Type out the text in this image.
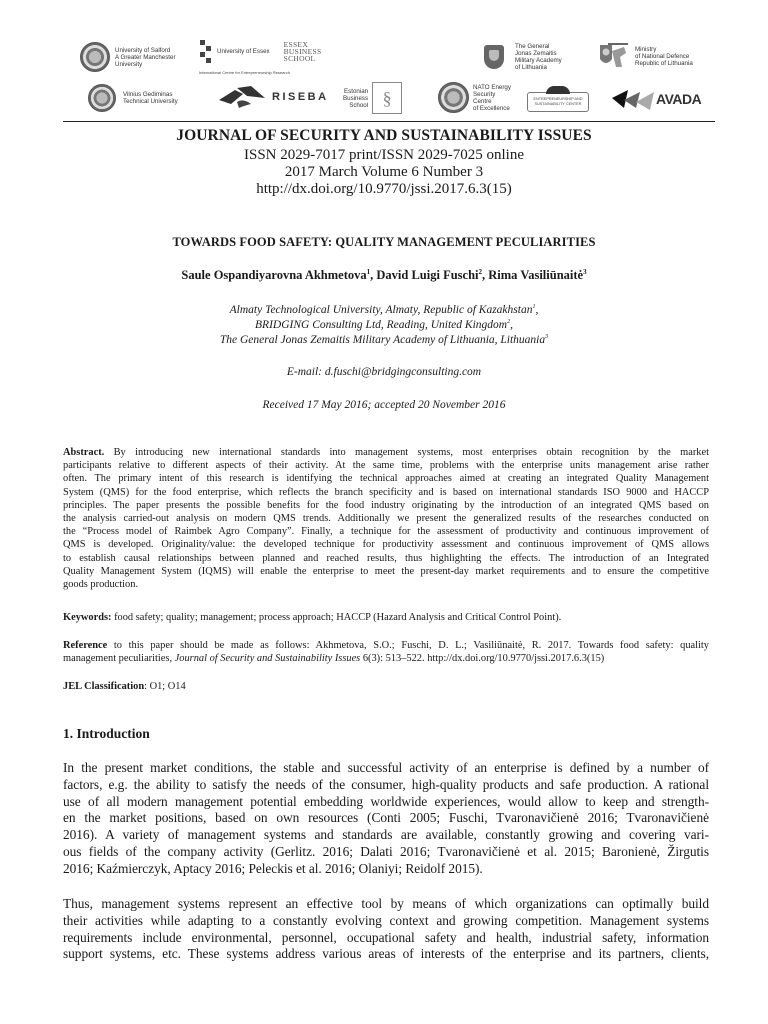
University of Salford
A Greater Manchester
University
University of Essex
ESSEX
BUSINESS
SCHOOL
International Centre for Entrepreneurship Research
The General
Jonas Zemaitis
Military Academy
of Lithuania
Ministry
of National Defence
Republic of Lithuania
Vilnius Gediminas
Technical University	RISEBA Estonian
Business
School §
NATO Energy
Security
Centre
of Excellence
ENTREPRENEURSHIP AND
SUSTAINABILITY CENTER	AVADA
JOURNAL OF SECURITY AND SUSTAINABILITY ISSUES
ISSN 2029-7017 print/ISSN 2029-7025 online
2017 March Volume 6 Number 3
http://dx.doi.org/10.9770/jssi.2017.6.3(15)
TOWARDS FOOD SAFETY: QUALITY MANAGEMENT PECULIARITIES
Saule Ospandiyarovna Akhmetova$^1$, David Luigi Fuschi$^2$, Rima Vasiliūnaitė$^3$
Almaty Technological University, Almaty, Republic of Kazakhstan$^1$,
BRIDGING Consulting Ltd, Reading, United Kingdom$^2$,
The General Jonas Zemaitis Military Academy of Lithuania, Lithuania$^3$
E-mail: d.fuschi@bridgingconsulting.com
Received 17 May 2016; accepted 20 November 2016
Abstract. By introducing new international standards into management systems, most enterprises obtain recognition by the market
participants relative to different aspects of their activity. At the same time, problems with the enterprise units management arise rather
often. The primary intent of this research is identifying the technical approaches aimed at creating an integrated Quality Management
System (QMS) for the food enterprise, which reflects the branch specificity and is based on international standards ISO 9000 and HACCP
principles. The paper presents the possible benefits for the food industry originating by the introduction of an integrated QMS based on
the analysis carried-out analysis on modern QMS trends. Additionally we present the generalized results of the researches conducted on
the “Process model of Raimbek Agro Company”. Finally, a technique for the assessment of productivity and continuous improvement of
QMS is developed. Originality/value: the developed technique for productivity assessment and continuous improvement of QMS allows
to establish causal relationships between planned and reached results, thus highlighting the effects. The introduction of an Integrated
Quality Management System (IQMS) will enable the enterprise to meet the present-day market requirements and to ensure the competitive
goods production.
Keywords: food safety; quality; management; process approach; HACCP (Hazard Analysis and Critical Control Point).
Reference to this paper should be made as follows: Akhmetova, S.O.; Fuschi, D. L.; Vasiliūnaitė, R. 2017. Towards food safety: quality
management peculiarities, Journal of Security and Sustainability Issues 6(3): 513–522. http://dx.doi.org/10.9770/jssi.2017.6.3(15)
JEL Classification: O1; O14
1. Introduction
In the present market conditions, the stable and successful activity of an enterprise is defined by a number of
factors, e.g. the ability to satisfy the needs of the consumer, high-quality products and safe production. A rational
use of all modern management potential embedding worldwide experiences, would allow to keep and strength-
en the market positions, based on own resources (Conti 2005; Fuschi, Tvaronavičienė 2016; Tvaronavičienė
2016). A variety of management systems and standards are available, constantly growing and covering vari-
ous fields of the company activity (Gerlitz. 2016; Dalati 2016; Tvaronavičienė et al. 2015; Baronienė, Žirgutis
2016; Kaźmierczyk, Aptacy 2016; Peleckis et al. 2016; Olaniyi; Reidolf 2015).
Thus, management systems represent an effective tool by means of which organizations can optimally build
their activities while adapting to a constantly evolving context and growing competition. Management systems
requirements include environmental, personnel, occupational safety and health, industrial safety, information
support systems, etc. These systems address various areas of interests of the enterprise and its partners, clients,
